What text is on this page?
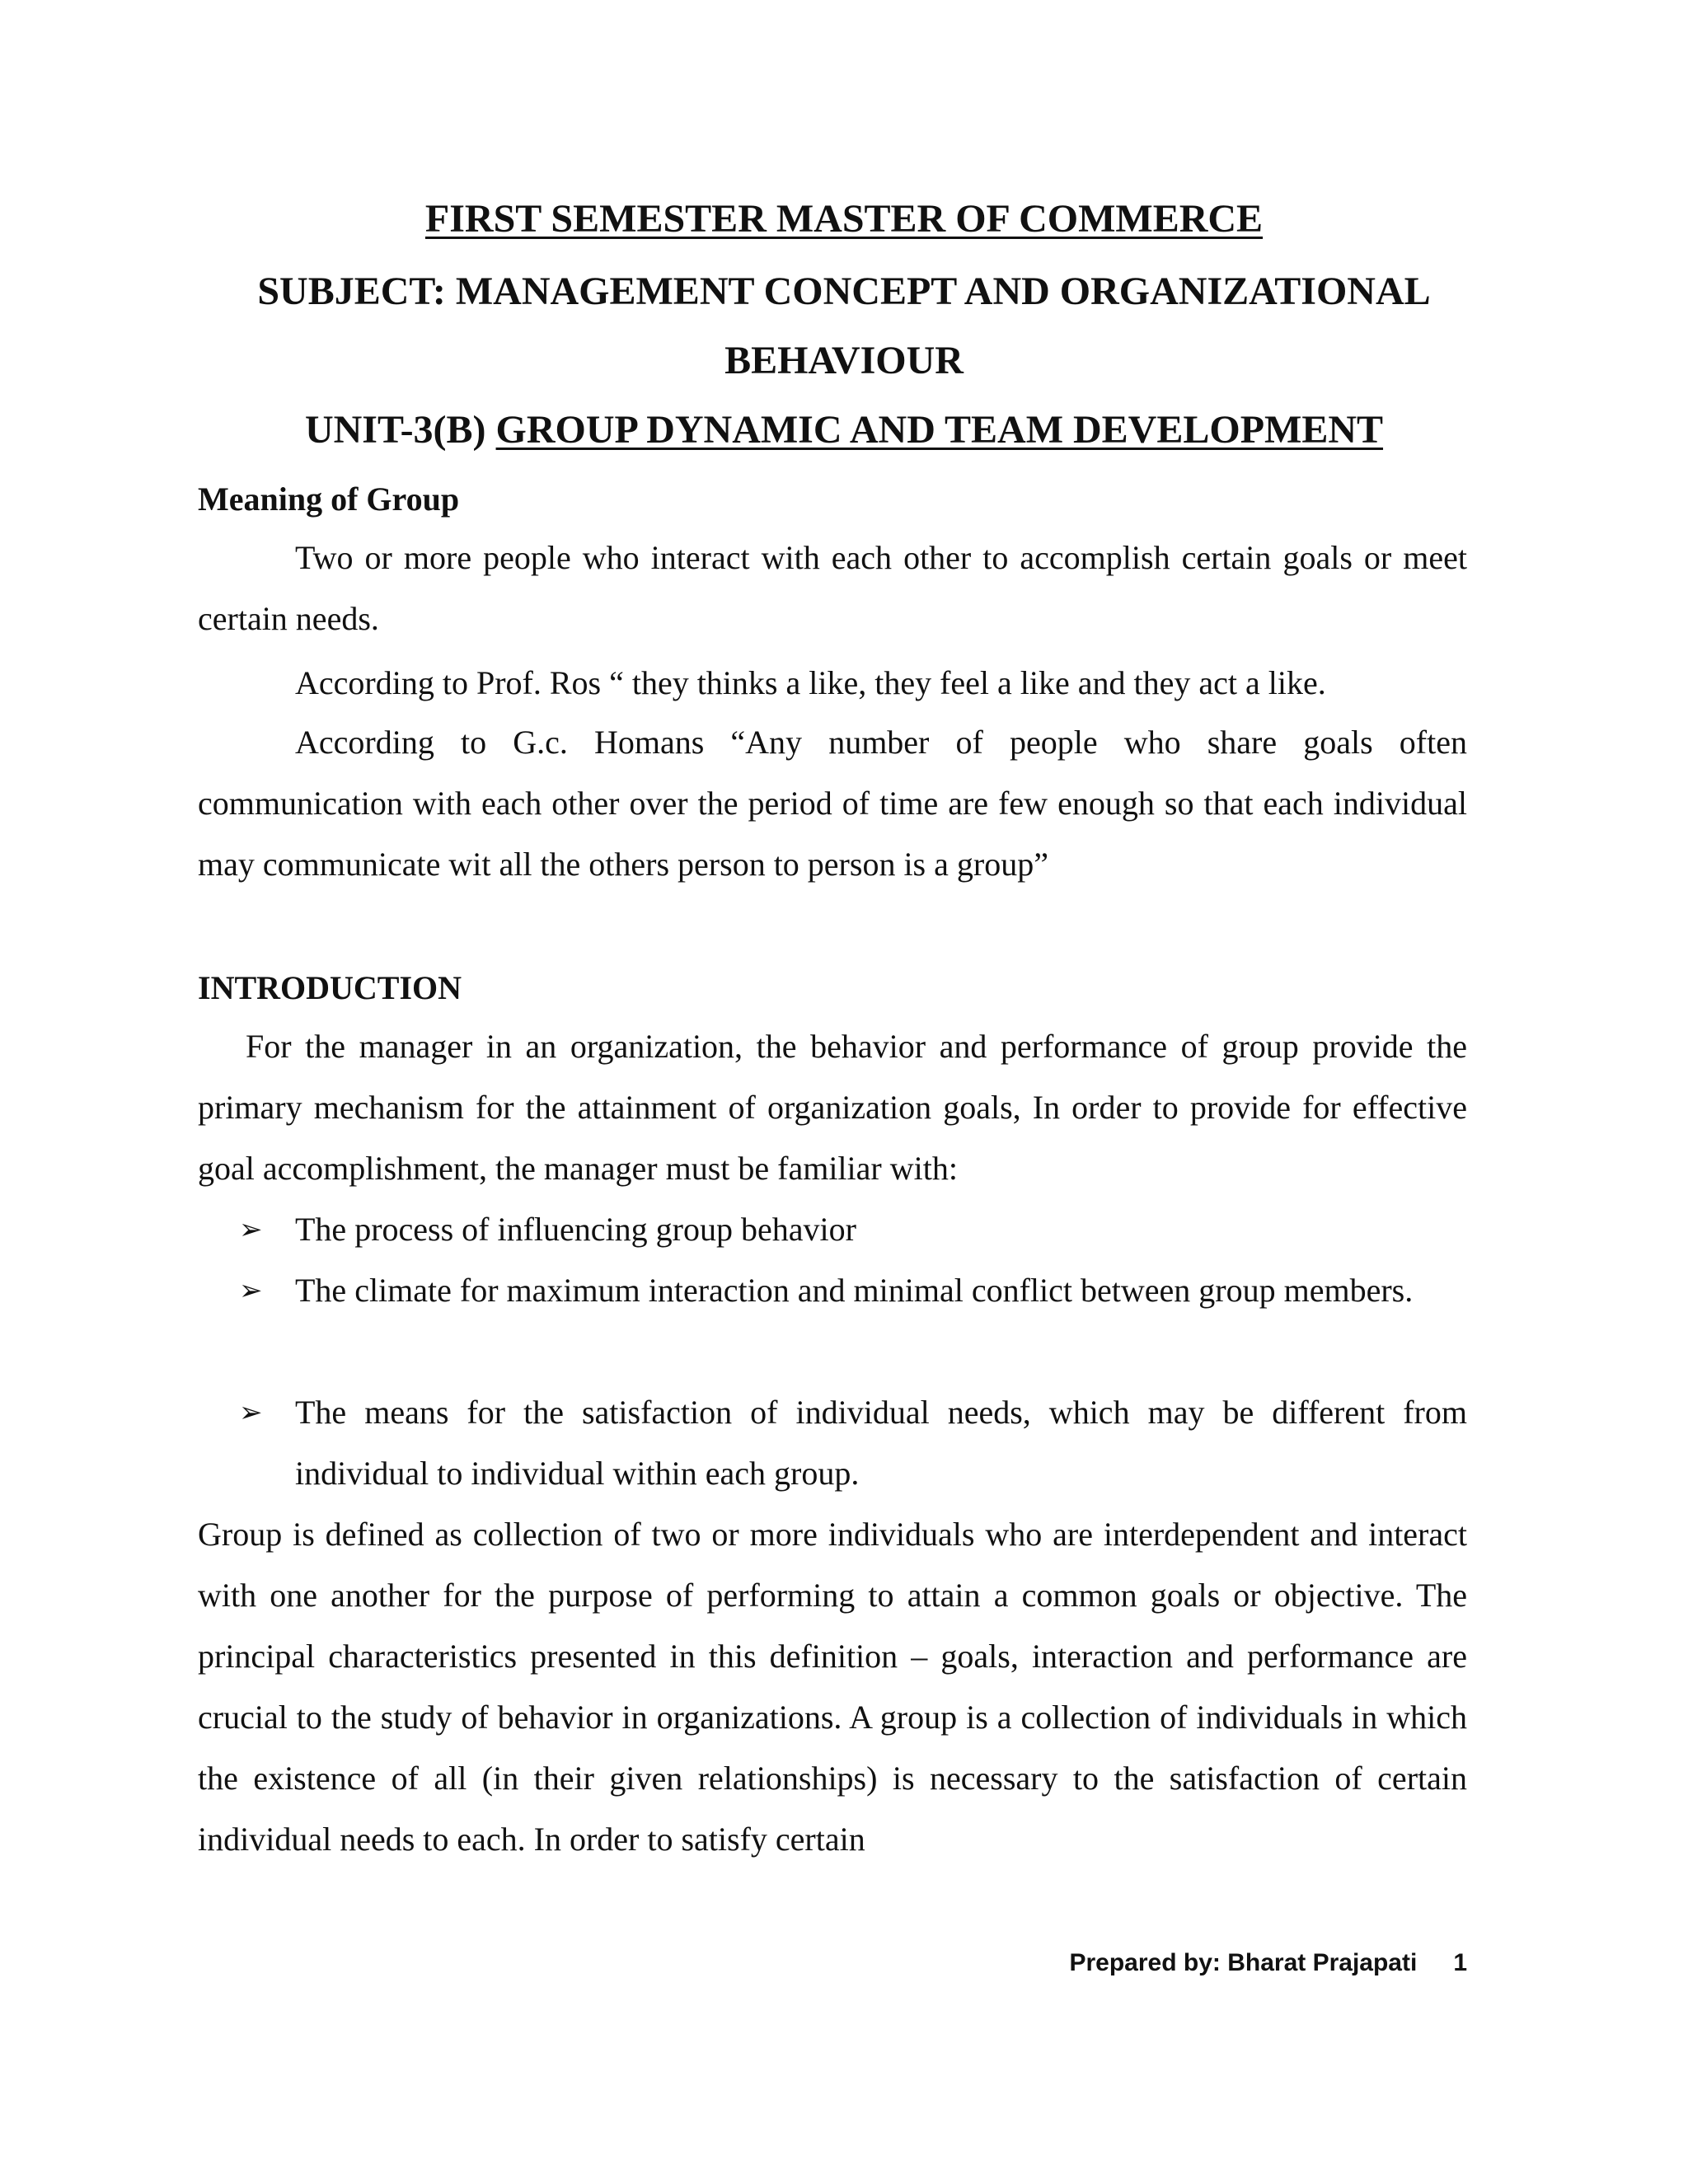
FIRST SEMESTER MASTER OF COMMERCE
SUBJECT: MANAGEMENT CONCEPT AND ORGANIZATIONAL
BEHAVIOUR
UNIT-3(B) GROUP DYNAMIC AND TEAM DEVELOPMENT
Meaning of Group
Two or more people who interact with each other to accomplish certain goals or meet certain needs.
According to Prof. Ros “ they thinks a like, they feel a like and they act a like.
According to G.c. Homans “Any number of people who share goals often communication with each other over the period of time are few enough so that each individual may communicate wit all the others person to person is a group”
INTRODUCTION
For the manager in an organization, the behavior and performance of group provide the primary mechanism for the attainment of organization goals, In order to provide for effective goal accomplishment, the manager must be familiar with:
➢ The process of influencing group behavior
➢ The climate for maximum interaction and minimal conflict between group members.
➢ The means for the satisfaction of individual needs, which may be different from individual to individual within each group.
Group is defined as collection of two or more individuals who are interdependent and interact with one another for the purpose of performing to attain a common goals or objective. The principal characteristics presented in this definition – goals, interaction and performance are crucial to the study of behavior in organizations. A group is a collection of individuals in which the existence of all (in their given relationships) is necessary to the satisfaction of certain individual needs to each. In order to satisfy certain
Prepared by: Bharat Prajapati 1
